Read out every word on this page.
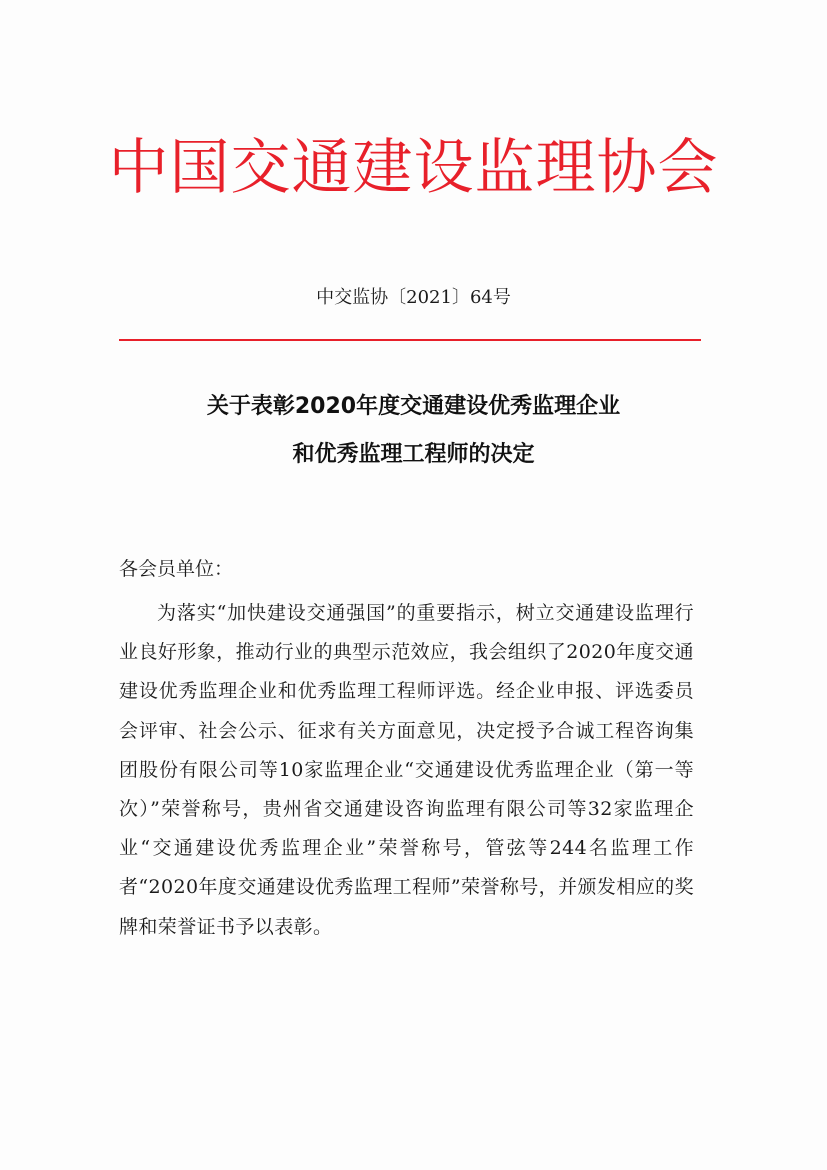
中国交通建设监理协会
中交监协〔2021〕64号
关于表彰2020年度交通建设优秀监理企业
和优秀监理工程师的决定
各会员单位：
为落实“加快建设交通强国”的重要指示，树立交通建设监理行业良好形象，推动行业的典型示范效应，我会组织了2020年度交通建设优秀监理企业和优秀监理工程师评选。经企业申报、评选委员会评审、社会公示、征求有关方面意见，决定授予合诚工程咨询集团股份有限公司等10家监理企业“交通建设优秀监理企业（第一等次）”荣誉称号，贵州省交通建设咨询监理有限公司等32家监理企业“交通建设优秀监理企业”荣誉称号，管弦等244名监理工作者“2020年度交通建设优秀监理工程师”荣誉称号，并颁发相应的奖牌和荣誉证书予以表彰。
